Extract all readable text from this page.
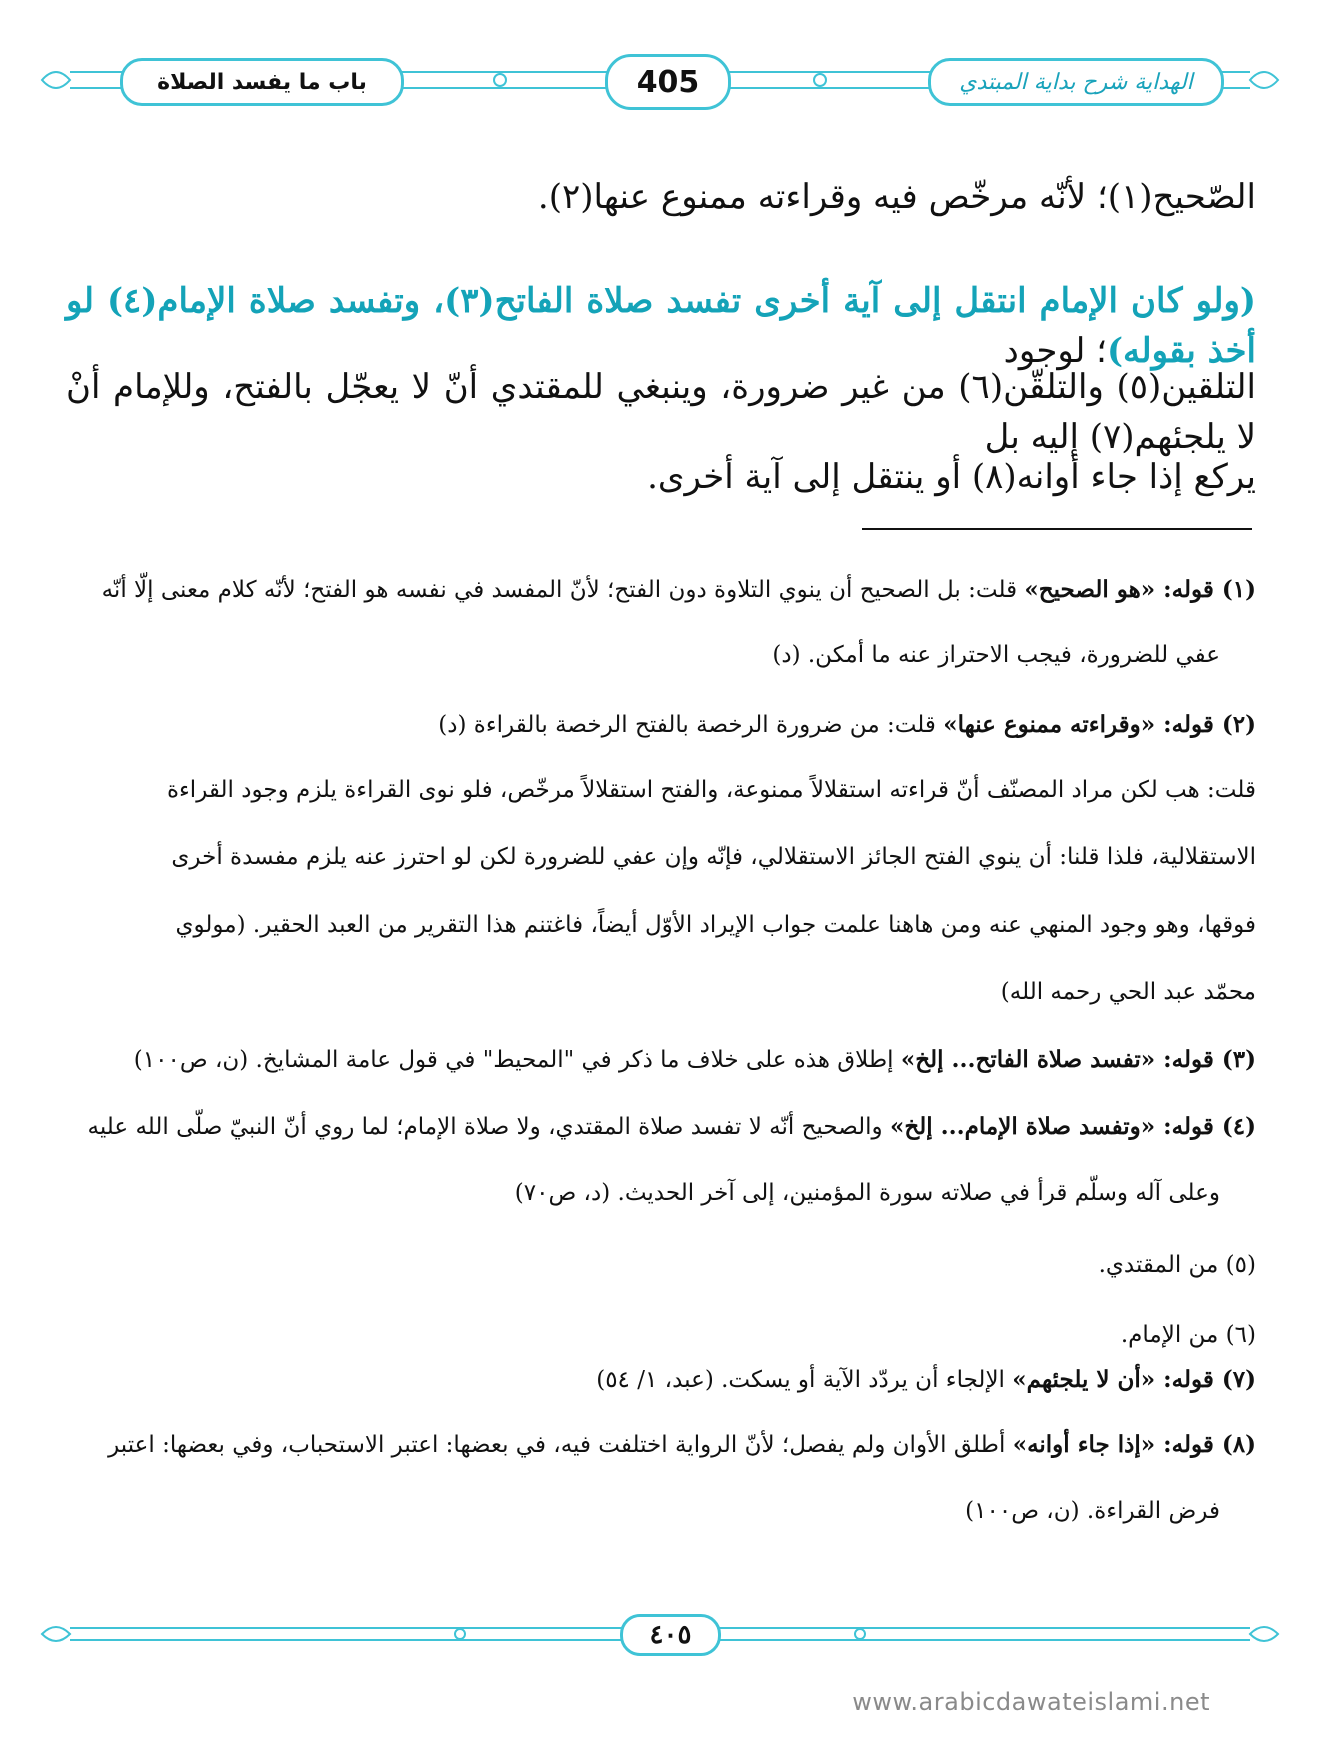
باب ما يفسد الصلاة	405	الهداية شرح بداية المبتدي
الصّحيح(١)؛ لأنّه مرخّص فيه وقراءته ممنوع عنها(٢).
(ولو كان الإمام انتقل إلى آية أخرى تفسد صلاة الفاتح(٣)، وتفسد صلاة الإمام(٤) لو أخذ بقوله)؛ لوجود
التلقين(٥) والتلقّن(٦) من غير ضرورة، وينبغي للمقتدي أنّ لا يعجّل بالفتح، وللإمام أنْ لا يلجئهم(٧) إليه بل
يركع إذا جاء أوانه(٨) أو ينتقل إلى آية أخرى.
(١) قوله: «هو الصحيح» قلت: بل الصحيح أن ينوي التلاوة دون الفتح؛ لأنّ المفسد في نفسه هو الفتح؛ لأنّه كلام معنى إلّا أنّه
عفي للضرورة، فيجب الاحتراز عنه ما أمكن. (د)
(٢) قوله: «وقراءته ممنوع عنها» قلت: من ضرورة الرخصة بالفتح الرخصة بالقراءة (د)
قلت: هب لكن مراد المصنّف أنّ قراءته استقلالاً ممنوعة، والفتح استقلالاً مرخّص، فلو نوى القراءة يلزم وجود القراءة
الاستقلالية، فلذا قلنا: أن ينوي الفتح الجائز الاستقلالي، فإنّه وإن عفي للضرورة لكن لو احترز عنه يلزم مفسدة أخرى
فوقها، وهو وجود المنهي عنه ومن هاهنا علمت جواب الإيراد الأوّل أيضاً، فاغتنم هذا التقرير من العبد الحقير. (مولوي
محمّد عبد الحي رحمه الله)
(٣) قوله: «تفسد صلاة الفاتح... إلخ» إطلاق هذه على خلاف ما ذكر في "المحيط" في قول عامة المشايخ. (ن، ص١٠٠)
(٤) قوله: «وتفسد صلاة الإمام... إلخ» والصحيح أنّه لا تفسد صلاة المقتدي، ولا صلاة الإمام؛ لما روي أنّ النبيّ صلّى الله عليه
وعلى آله وسلّم قرأ في صلاته سورة المؤمنين، إلى آخر الحديث. (د، ص٧٠)
(٥) من المقتدي.
(٦) من الإمام.
(٧) قوله: «أن لا يلجئهم» الإلجاء أن يردّد الآية أو يسكت. (عبد، ١/ ٥٤)
(٨) قوله: «إذا جاء أوانه» أطلق الأوان ولم يفصل؛ لأنّ الرواية اختلفت فيه، في بعضها: اعتبر الاستحباب، وفي بعضها: اعتبر
فرض القراءة. (ن، ص١٠٠)
٤٠٥
www.arabicdawateislami.net
